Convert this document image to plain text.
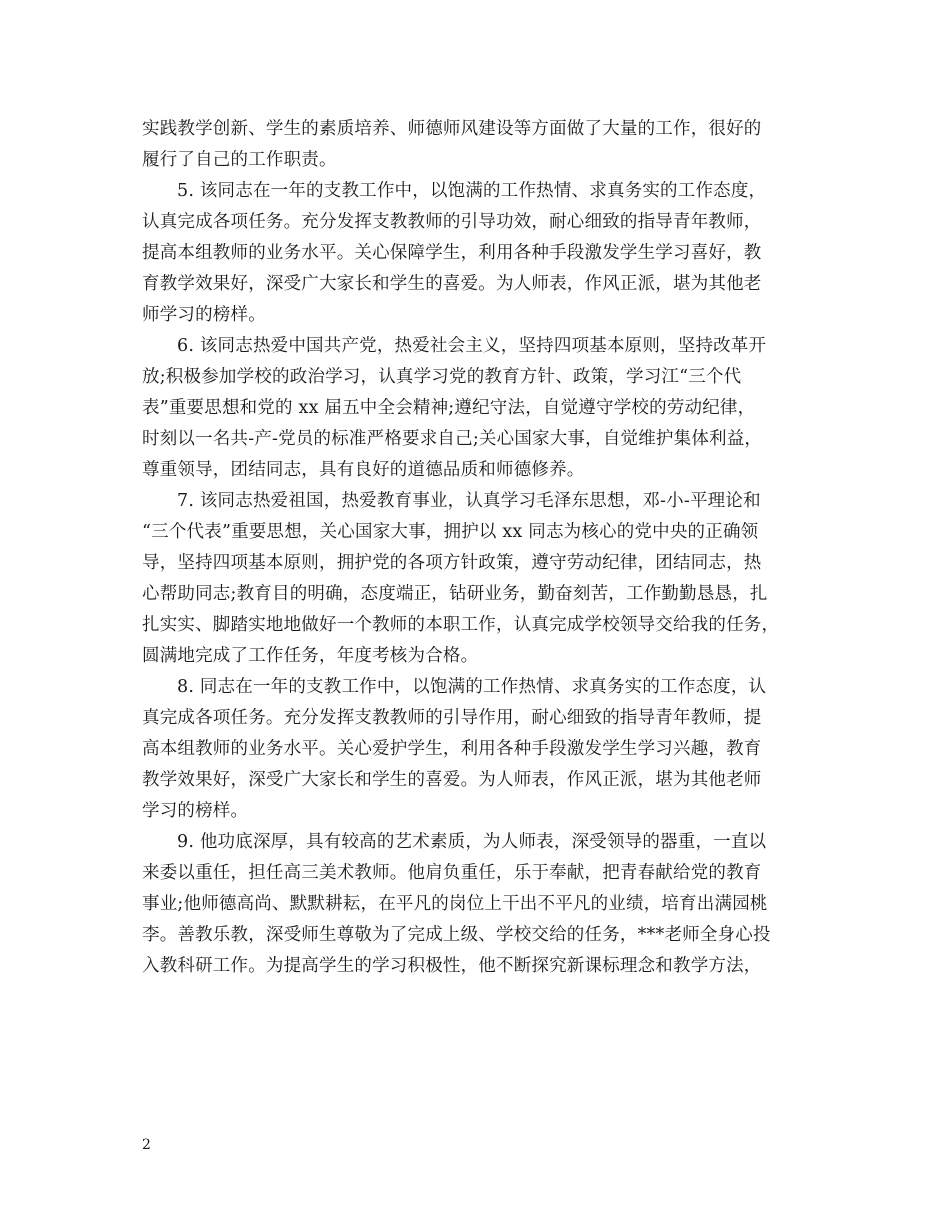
实践教学创新、学生的素质培养、师德师风建设等方面做了大量的工作，很好的
履行了自己的工作职责。
5. 该同志在一年的支教工作中，以饱满的工作热情、求真务实的工作态度，
认真完成各项任务。充分发挥支教教师的引导功效，耐心细致的指导青年教师，
提高本组教师的业务水平。关心保障学生，利用各种手段激发学生学习喜好，教
育教学效果好，深受广大家长和学生的喜爱。为人师表，作风正派，堪为其他老
师学习的榜样。
6. 该同志热爱中国共产党，热爱社会主义，坚持四项基本原则，坚持改革开
放;积极参加学校的政治学习，认真学习党的教育方针、政策，学习江“三个代
表”重要思想和党的 xx 届五中全会精神;遵纪守法，自觉遵守学校的劳动纪律，
时刻以一名共-产-党员的标准严格要求自己;关心国家大事，自觉维护集体利益，
尊重领导，团结同志，具有良好的道德品质和师德修养。
7. 该同志热爱祖国，热爱教育事业，认真学习毛泽东思想，邓-小-平理论和
“三个代表”重要思想，关心国家大事，拥护以 xx 同志为核心的党中央的正确领
导，坚持四项基本原则，拥护党的各项方针政策，遵守劳动纪律，团结同志，热
心帮助同志;教育目的明确，态度端正，钻研业务，勤奋刻苦，工作勤勤恳恳，扎
扎实实、脚踏实地地做好一个教师的本职工作，认真完成学校领导交给我的任务，
圆满地完成了工作任务，年度考核为合格。
8. 同志在一年的支教工作中，以饱满的工作热情、求真务实的工作态度，认
真完成各项任务。充分发挥支教教师的引导作用，耐心细致的指导青年教师，提
高本组教师的业务水平。关心爱护学生，利用各种手段激发学生学习兴趣，教育
教学效果好，深受广大家长和学生的喜爱。为人师表，作风正派，堪为其他老师
学习的榜样。
9. 他功底深厚，具有较高的艺术素质，为人师表，深受领导的器重，一直以
来委以重任，担任高三美术教师。他肩负重任，乐于奉献，把青春献给党的教育
事业;他师德高尚、默默耕耘，在平凡的岗位上干出不平凡的业绩，培育出满园桃
李。善教乐教，深受师生尊敬为了完成上级、学校交给的任务，***老师全身心投
入教科研工作。为提高学生的学习积极性，他不断探究新课标理念和教学方法，
2
